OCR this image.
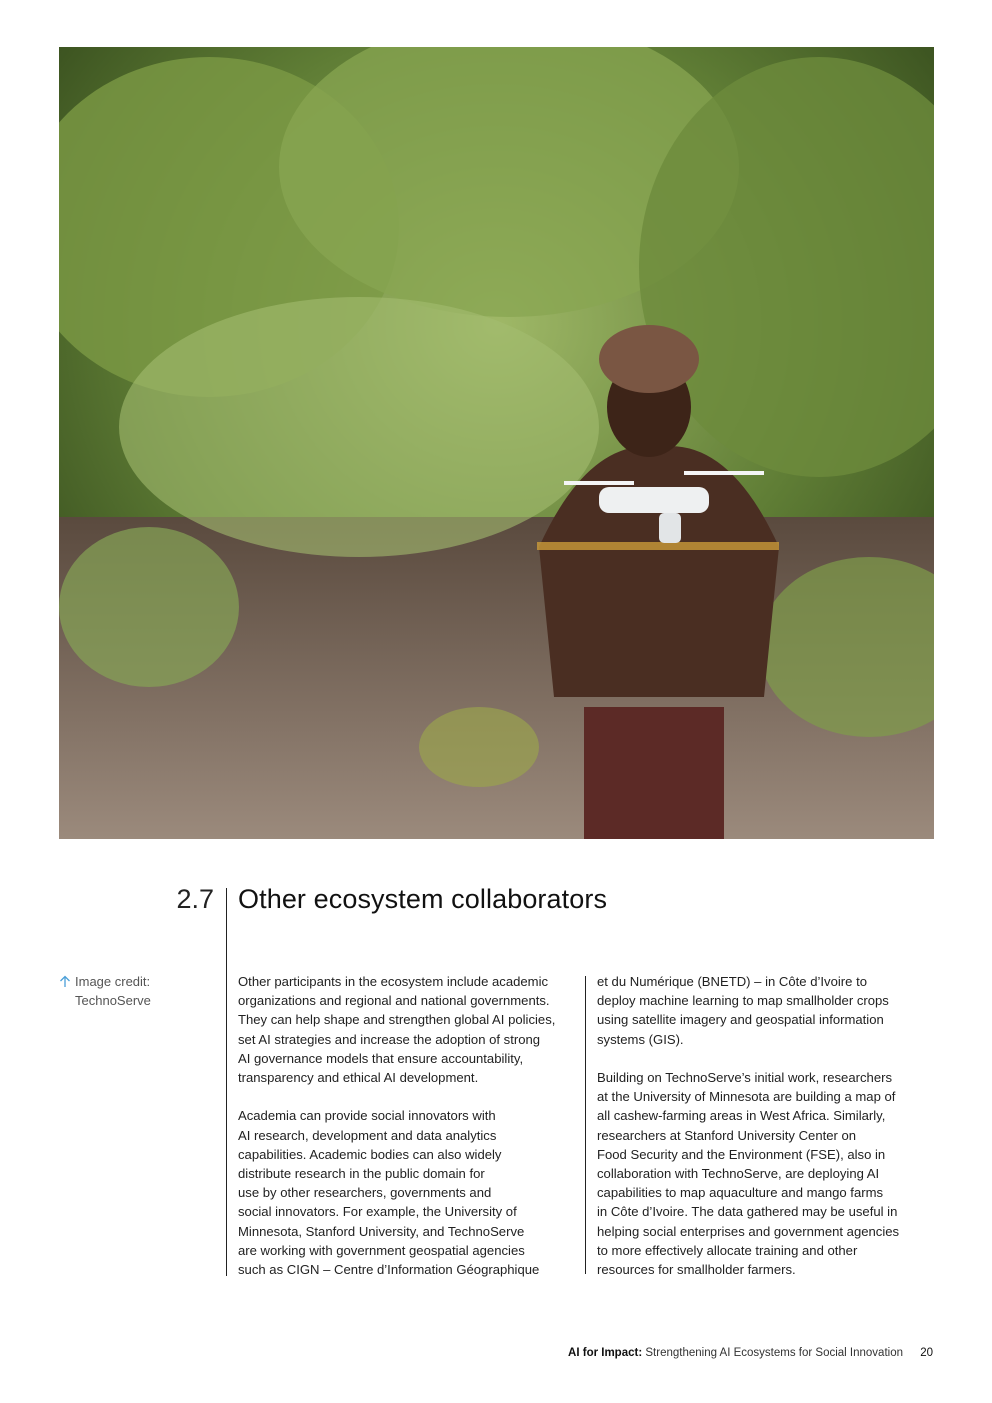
2.7 Other ecosystem collaborators
Image credit:
TechnoServe

Other participants in the ecosystem include academic
organizations and regional and national governments.
They can help shape and strengthen global AI policies,
set AI strategies and increase the adoption of strong
AI governance models that ensure accountability,
transparency and ethical AI development.

Academia can provide social innovators with
AI research, development and data analytics
capabilities. Academic bodies can also widely
distribute research in the public domain for
use by other researchers, governments and
social innovators. For example, the University of
Minnesota, Stanford University, and TechnoServe
are working with government geospatial agencies
such as CIGN – Centre d’Information Géographique

et du Numérique (BNETD) – in Côte d’Ivoire to
deploy machine learning to map smallholder crops
using satellite imagery and geospatial information
systems (GIS).

Building on TechnoServe’s initial work, researchers
at the University of Minnesota are building a map of
all cashew-farming areas in West Africa. Similarly,
researchers at Stanford University Center on
Food Security and the Environment (FSE), also in
collaboration with TechnoServe, are deploying AI
capabilities to map aquaculture and mango farms
in Côte d’Ivoire. The data gathered may be useful in
helping social enterprises and government agencies
to more effectively allocate training and other
resources for smallholder farmers.

AI for Impact: Strengthening AI Ecosystems for Social Innovation 20
